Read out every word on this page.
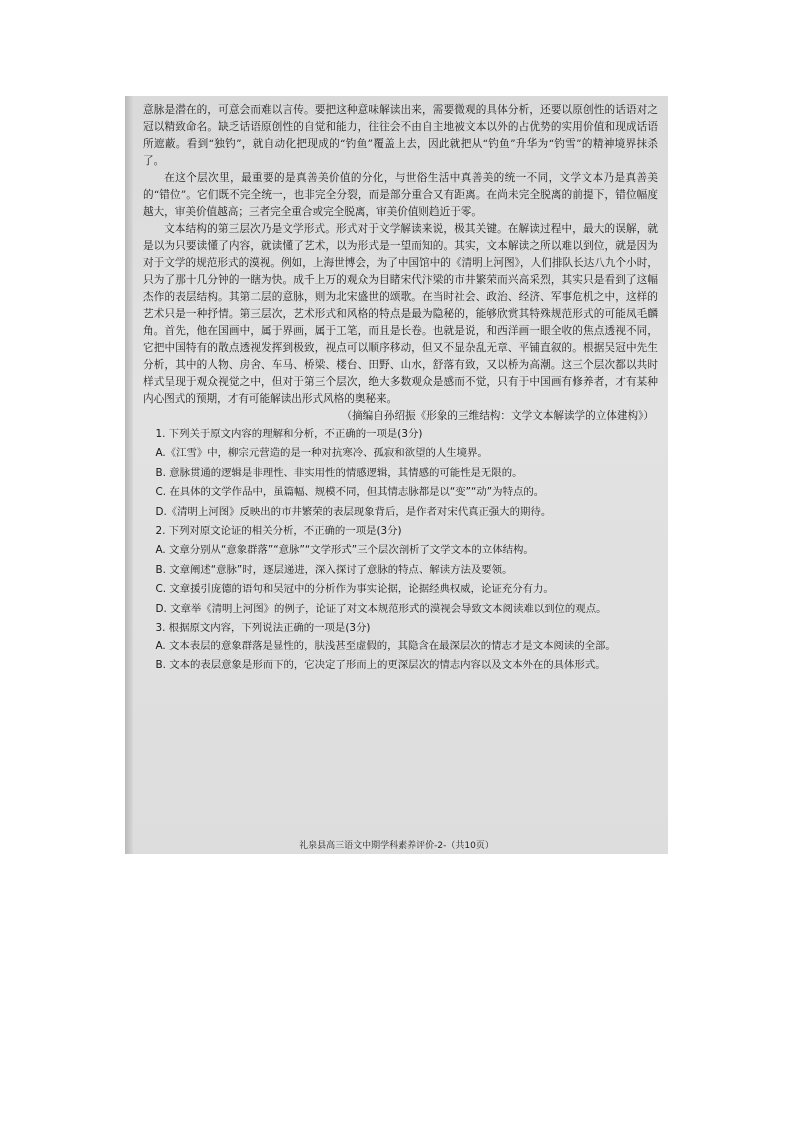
意脉是潜在的，可意会而难以言传。要把这种意味解读出来，需要微观的具体分析，还要以原创性的话语对之冠以精致命名。缺乏话语原创性的自觉和能力，往往会不由自主地被文本以外的占优势的实用价值和现成话语所遮蔽。看到“独钓”，就自动化把现成的“钓鱼”覆盖上去，因此就把从“钓鱼”升华为“钓雪”的精神境界抹杀了。

在这个层次里，最重要的是真善美价值的分化，与世俗生活中真善美的统一不同，文学文本乃是真善美的“错位”。它们既不完全统一，也非完全分裂，而是部分重合又有距离。在尚未完全脱离的前提下，错位幅度越大，审美价值越高；三者完全重合或完全脱离，审美价值则趋近于零。

文本结构的第三层次乃是文学形式。形式对于文学解读来说，极其关键。在解读过程中，最大的误解，就是以为只要读懂了内容，就读懂了艺术，以为形式是一望而知的。其实，文本解读之所以难以到位，就是因为对于文学的规范形式的漠视。例如，上海世博会，为了中国馆中的《清明上河图》，人们排队长达八九个小时，只为了那十几分钟的一瞎为快。成千上万的观众为目睹宋代汴梁的市井繁荣而兴高采烈，其实只是看到了这幅杰作的表层结构。其第二层的意脉，则为北宋盛世的颂歌。在当时社会、政治、经济、军事危机之中，这样的艺术只是一种抒情。第三层次，艺术形式和风格的特点是最为隐秘的，能够欣赏其特殊规范形式的可能凤毛麟角。首先，他在国画中，属于界画，属于工笔，而且是长卷。也就是说，和西洋画一眼全收的焦点透视不同，它把中国特有的散点透视发挥到极致，视点可以顺序移动，但又不显杂乱无章、平铺直叙的。根据吴冠中先生分析，其中的人物、房舍、车马、桥梁、楼台、田野、山水，舒落有致，又以桥为高潮。这三个层次都以共时样式呈现于观众视觉之中，但对于第三个层次，绝大多数观众是感而不觉，只有于中国画有修养者，才有某种内心图式的预期，才有可能解读出形式风格的奥秘来。

（摘编自孙绍振《形象的三维结构：文学文本解读学的立体建构》）

1. 下列关于原文内容的理解和分析，不正确的一项是(3分)

A.《江雪》中，柳宗元营造的是一种对抗寒冷、孤寂和欲望的人生境界。

B. 意脉贯通的逻辑是非理性、非实用性的情感逻辑，其情感的可能性是无限的。

C. 在具体的文学作品中，虽篇幅、规模不同，但其情志脉都是以“变”“动”为特点的。

D.《清明上河图》反映出的市井繁荣的表层现象背后，是作者对宋代真正强大的期待。

2. 下列对原文论证的相关分析，不正确的一项是(3分)

A. 文章分别从“意象群落”“意脉”“文学形式”三个层次剖析了文学文本的立体结构。

B. 文章阐述“意脉”时，逐层递进，深入探讨了意脉的特点、解读方法及要领。

C. 文章援引庞德的语句和吴冠中的分析作为事实论据，论据经典权威，论证充分有力。

D. 文章举《清明上河图》的例子，论证了对文本规范形式的漠视会导致文本阅读难以到位的观点。

3. 根据原文内容，下列说法正确的一项是(3分)

A. 文本表层的意象群落是显性的，肤浅甚至虚假的，其隐含在最深层次的情志才是文本阅读的全部。

B. 文本的表层意象是形而下的，它决定了形而上的更深层次的情志内容以及文本外在的具体形式。

礼泉县高三语文中期学科素养评价-2-（共10页）
